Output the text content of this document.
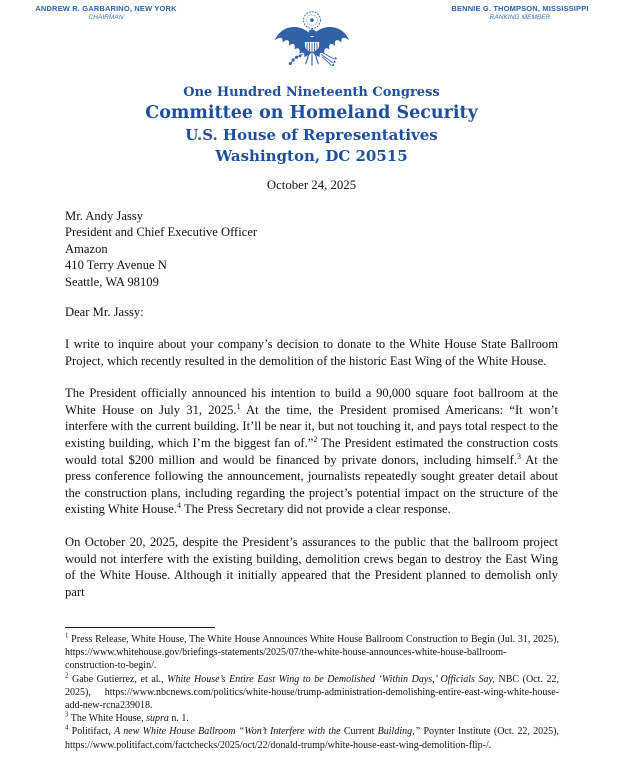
ANDREW R. GARBARINO, NEW YORK
CHAIRMAN
BENNIE G. THOMPSON, MISSISSIPPI
RANKING MEMBER
One Hundred Nineteenth Congress
Committee on Homeland Security
U.S. House of Representatives
Washington, DC 20515
October 24, 2025
Mr. Andy Jassy
President and Chief Executive Officer
Amazon
410 Terry Avenue N
Seattle, WA 98109
Dear Mr. Jassy:
I write to inquire about your company’s decision to donate to the White House State Ballroom Project, which recently resulted in the demolition of the historic East Wing of the White House.
The President officially announced his intention to build a 90,000 square foot ballroom at the White House on July 31, 2025.$^1$ At the time, the President promised Americans: “It won’t interfere with the current building. It’ll be near it, but not touching it, and pays total respect to the existing building, which I’m the biggest fan of.”$^2$ The President estimated the construction costs would total $200 million and would be financed by private donors, including himself.$^3$ At the press conference following the announcement, journalists repeatedly sought greater detail about the construction plans, including regarding the project’s potential impact on the structure of the existing White House.$^4$ The Press Secretary did not provide a clear response.
On October 20, 2025, despite the President’s assurances to the public that the ballroom project would not interfere with the existing building, demolition crews began to destroy the East Wing of the White House. Although it initially appeared that the President planned to demolish only part
$^1$ Press Release, White House, The White House Announces White House Ballroom Construction to Begin (Jul. 31, 2025), https://www.whitehouse.gov/briefings-statements/2025/07/the-white-house-announces-white-house-ballroom-construction-to-begin/.
$^2$ Gabe Gutierrez, et al., White House’s Entire East Wing to be Demolished ‘Within Days,’ Officials Say, NBC (Oct. 22, 2025), https://www.nbcnews.com/politics/white-house/trump-administration-demolishing-entire-east-wing-white-house-add-new-rcna239018.
$^3$ The White House, supra n. 1.
$^4$ Politifact, A new White House Ballroom “Won’t Interfere with the Current Building,” Poynter Institute (Oct. 22, 2025), https://www.politifact.com/factchecks/2025/oct/22/donald-trump/white-house-east-wing-demolition-flip-/.
